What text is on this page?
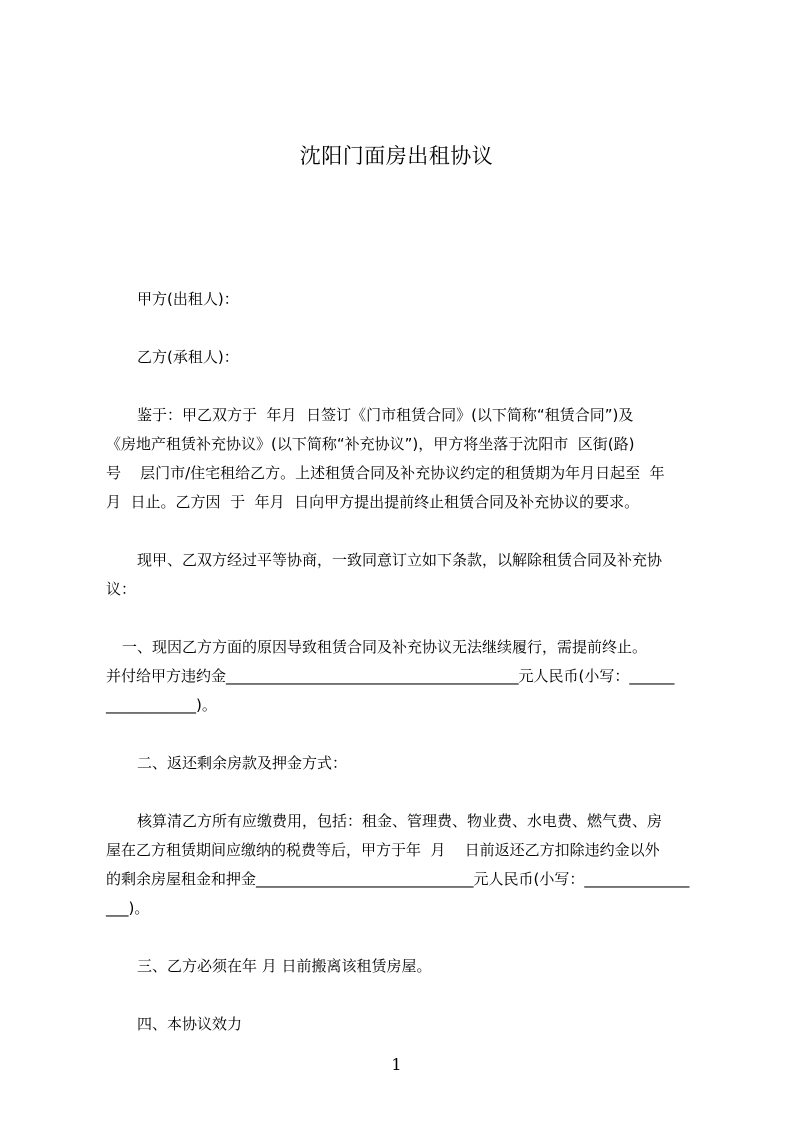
沈阳门面房出租协议

甲方(出租人)：

乙方(承租人)：

鉴于：甲乙双方于  年月  日签订《门市租赁合同》(以下简称“租赁合同”)及
《房地产租赁补充协议》(以下简称“补充协议”)，甲方将坐落于沈阳市  区街(路)
号    层门市/住宅租给乙方。上述租赁合同及补充协议约定的租赁期为年月日起至  年
月  日止。乙方因  于  年月  日向甲方提出提前终止租赁合同及补充协议的要求。
现甲、乙双方经过平等协商，一致同意订立如下条款，以解除租赁合同及补充协
议：
一、现因乙方方面的原因导致租赁合同及补充协议无法继续履行，需提前终止。
并付给甲方违约金_______________________________________元人民币(小写：______
____________)。

二、返还剩余房款及押金方式：

核算清乙方所有应缴费用，包括：租金、管理费、物业费、水电费、燃气费、房
屋在乙方租赁期间应缴纳的税费等后，甲方于年  月    日前返还乙方扣除违约金以外
的剩余房屋租金和押金_____________________________元人民币(小写：______________
___)。

三、乙方必须在年 月 日前搬离该租赁房屋。

四、本协议效力

1
